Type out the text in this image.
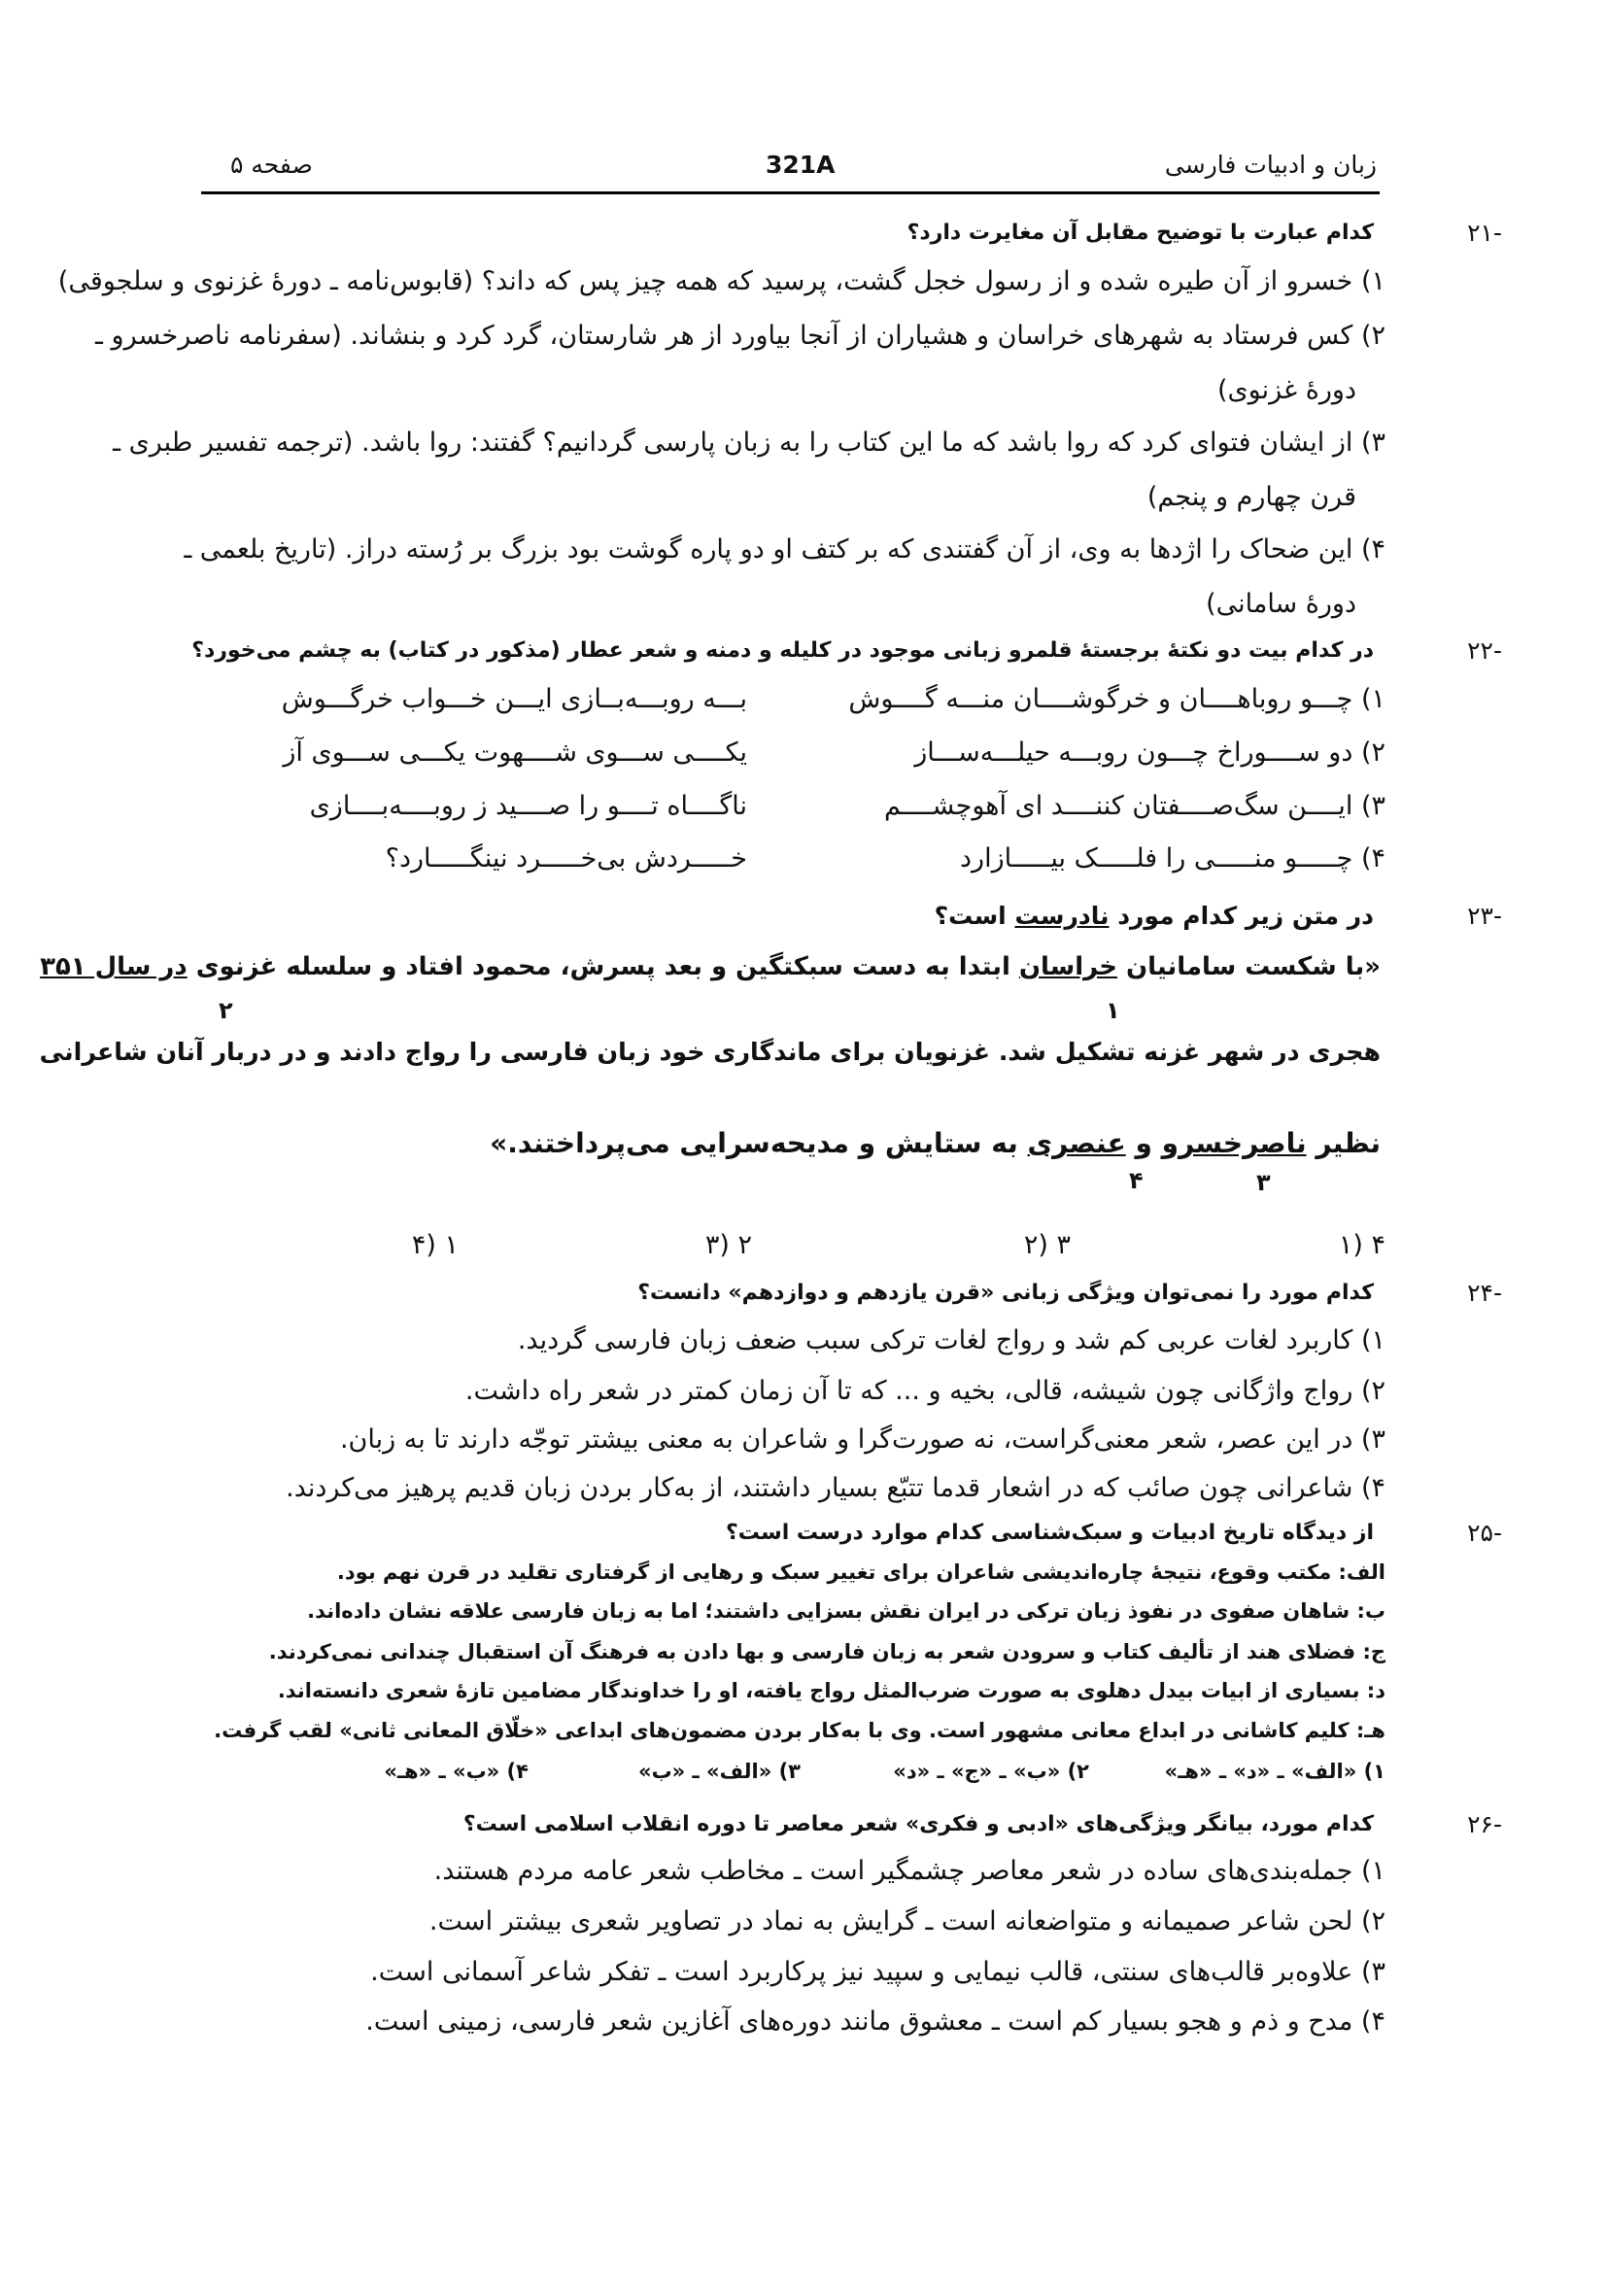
زبان و ادبیات فارسی
321A
صفحه ۵
۲۱-
کدام عبارت با توضیح مقابل آن مغایرت دارد؟
۱) خسرو از آن طیره شده و از رسول خجل گشت، پرسید که همه چیز پس که داند؟ (قابوس‌نامه ـ دورهٔ غزنوی و سلجوقی)
۲) کس فرستاد به شهرهای خراسان و هشیاران از آنجا بیاورد از هر شارستان، گرد کرد و بنشاند. (سفرنامه ناصرخسرو ـ
دورهٔ غزنوی)
۳) از ایشان فتوای کرد که روا باشد که ما این کتاب را به زبان پارسی گردانیم؟ گفتند: روا باشد. (ترجمه تفسیر طبری ـ
قرن چهارم و پنجم)
۴) این ضحاک را اژدها به وی، از آن گفتندی که بر کتف او دو پاره گوشت بود بزرگ بر رُسته دراز. (تاریخ بلعمی ـ
دورهٔ سامانی)
۲۲-
در کدام بیت دو نکتهٔ برجستهٔ قلمرو زبانی موجود در کلیله و دمنه و شعر عطار (مذکور در کتاب) به چشم می‌خورد؟
۱) چـــو روباهــــان و خرگوشــــان منـــه گــــوش
بـــه روبـــه‌بــازی ایـــن خـــواب خرگـــوش
۲) دو ســــوراخ چـــون روبـــه حیلـــه‌ســـاز
یکــــی ســـوی شــــهوت یکـــی ســـوی آز
۳) ایــــن سگ‌صــــفتان کننــــد ای آهوچشــــم
ناگــــاه تــــو را صــــید ز روبــــه‌بــــازی
۴) چـــــو منـــــی را فلـــــک بیـــــازارد
خـــــردش بی‌خـــــرد نینگـــــارد؟
۲۳-
در متن زیر کدام مورد نادرست است؟
«با شکست سامانیان خراسان ابتدا به دست سبکتگین و بعد پسرش، محمود افتاد و سلسله غزنوی در سال ۳۵۱
۱
۲
هجری در شهر غزنه تشکیل شد. غزنویان برای ماندگاری خود زبان فارسی را رواج دادند و در دربار آنان شاعرانی
نظیر ناصرخسرو و عنصری به ستایش و مدیحه‌سرایی می‌پرداختند.»
۳
۴
۱) ۴
۲) ۳
۳) ۲
۴) ۱
۲۴-
کدام مورد را نمی‌توان ویژگی زبانی «قرن یازدهم و دوازدهم» دانست؟
۱) کاربرد لغات عربی کم شد و رواج لغات ترکی سبب ضعف زبان فارسی گردید.
۲) رواج واژگانی چون شیشه، قالی، بخیه و ... که تا آن زمان کمتر در شعر راه داشت.
۳) در این عصر، شعر معنی‌گراست، نه صورت‌گرا و شاعران به معنی بیشتر توجّه دارند تا به زبان.
۴) شاعرانی چون صائب که در اشعار قدما تتبّع بسیار داشتند، از به‌کار بردن زبان قدیم پرهیز می‌کردند.
۲۵-
از دیدگاه تاریخ ادبیات و سبک‌شناسی کدام موارد درست است؟
الف: مکتب وقوع، نتیجهٔ چاره‌اندیشی شاعران برای تغییر سبک و رهایی از گرفتاری تقلید در قرن نهم بود.
ب: شاهان صفوی در نفوذ زبان ترکی در ایران نقش بسزایی داشتند؛ اما به زبان فارسی علاقه نشان داده‌اند.
ج: فضلای هند از تألیف کتاب و سرودن شعر به زبان فارسی و بها دادن به فرهنگ آن استقبال چندانی نمی‌کردند.
د: بسیاری از ابیات بیدل دهلوی به صورت ضرب‌المثل رواج یافته، او را خداوندگار مضامین تازهٔ شعری دانسته‌اند.
هـ: کلیم کاشانی در ابداع معانی مشهور است. وی با به‌کار بردن مضمون‌های ابداعی «خلّاق المعانی ثانی» لقب گرفت.
۱) «الف» ـ «د» ـ «هـ»
۲) «ب» ـ «ج» ـ «د»
۳) «الف» ـ «ب»
۴) «ب» ـ «هـ»
۲۶-
کدام مورد، بیانگر ویژگی‌های «ادبی و فکری» شعر معاصر تا دوره انقلاب اسلامی است؟
۱) جمله‌بندی‌های ساده در شعر معاصر چشمگیر است ـ مخاطب شعر عامه مردم هستند.
۲) لحن شاعر صمیمانه و متواضعانه است ـ گرایش به نماد در تصاویر شعری بیشتر است.
۳) علاوه‌بر قالب‌های سنتی، قالب نیمایی و سپید نیز پرکاربرد است ـ تفکر شاعر آسمانی است.
۴) مدح و ذم و هجو بسیار کم است ـ معشوق مانند دوره‌های آغازین شعر فارسی، زمینی است.
